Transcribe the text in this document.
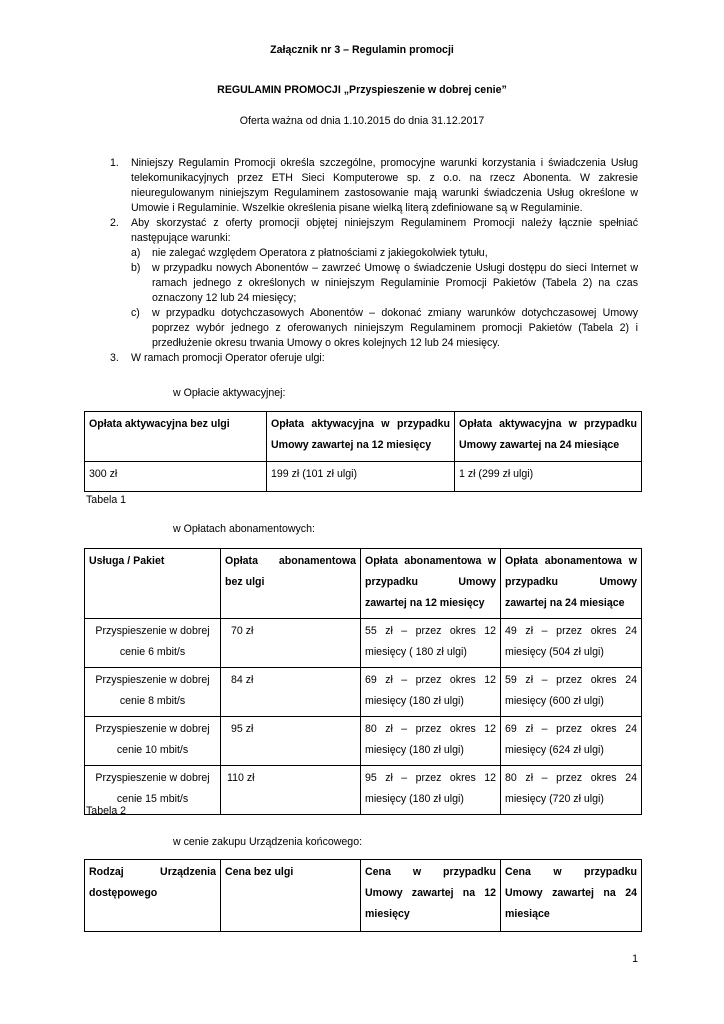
Załącznik nr 3 – Regulamin promocji
REGULAMIN PROMOCJI „Przyspieszenie w dobrej cenie”
Oferta ważna od dnia 1.10.2015 do dnia 31.12.2017
1. Niniejszy Regulamin Promocji określa szczególne, promocyjne warunki korzystania i świadczenia Usług telekomunikacyjnych przez ETH Sieci Komputerowe sp. z o.o. na rzecz Abonenta. W zakresie nieuregulowanym niniejszym Regulaminem zastosowanie mają warunki świadczenia Usług określone w Umowie i Regulaminie. Wszelkie określenia pisane wielką literą zdefiniowane są w Regulaminie.
2. Aby skorzystać z oferty promocji objętej niniejszym Regulaminem Promocji należy łącznie spełniać następujące warunki:
a) nie zalegać względem Operatora z płatnościami z jakiegokolwiek tytułu,
b) w przypadku nowych Abonentów – zawrzeć Umowę o świadczenie Usługi dostępu do sieci Internet w ramach jednego z określonych w niniejszym Regulaminie Promocji Pakietów (Tabela 2) na czas oznaczony 12 lub 24 miesięcy;
c) w przypadku dotychczasowych Abonentów – dokonać zmiany warunków dotychczasowej Umowy poprzez wybór jednego z oferowanych niniejszym Regulaminem promocji Pakietów (Tabela 2) i przedłużenie okresu trwania Umowy o okres kolejnych 12 lub 24 miesięcy.
3. W ramach promocji Operator oferuje ulgi:
w Opłacie aktywacyjnej:
Opłata aktywacyjna bez ulgi	Opłata aktywacyjna w przypadku Umowy zawartej na 12 miesięcy	Opłata aktywacyjna w przypadku Umowy zawartej na 24 miesiące
300 zł	199 zł (101 zł ulgi)	1 zł (299 zł ulgi)
Tabela 1
w Opłatach abonamentowych:
Usługa / Pakiet	Opłata abonamentowa bez ulgi	Opłata abonamentowa w przypadku Umowy zawartej na 12 miesięcy	Opłata abonamentowa w przypadku Umowy zawartej na 24 miesiące
Przyspieszenie w dobrej cenie 6 mbit/s	70 zł	55 zł – przez okres 12 miesięcy ( 180 zł ulgi)	49 zł – przez okres 24 miesięcy (504 zł ulgi)
Przyspieszenie w dobrej cenie 8 mbit/s	84 zł	69 zł – przez okres 12 miesięcy (180 zł ulgi)	59 zł – przez okres 24 miesięcy (600 zł ulgi)
Przyspieszenie w dobrej cenie 10 mbit/s	95 zł	80 zł – przez okres 12 miesięcy (180 zł ulgi)	69 zł – przez okres 24 miesięcy (624 zł ulgi)
Przyspieszenie w dobrej cenie 15 mbit/s	110 zł	95 zł – przez okres 12 miesięcy (180 zł ulgi)	80 zł – przez okres 24 miesięcy (720 zł ulgi)
Tabela 2
w cenie zakupu Urządzenia końcowego:
Rodzaj Urządzenia dostępowego	Cena bez ulgi	Cena w przypadku Umowy zawartej na 12 miesięcy	Cena w przypadku Umowy zawartej na 24 miesiące
1
